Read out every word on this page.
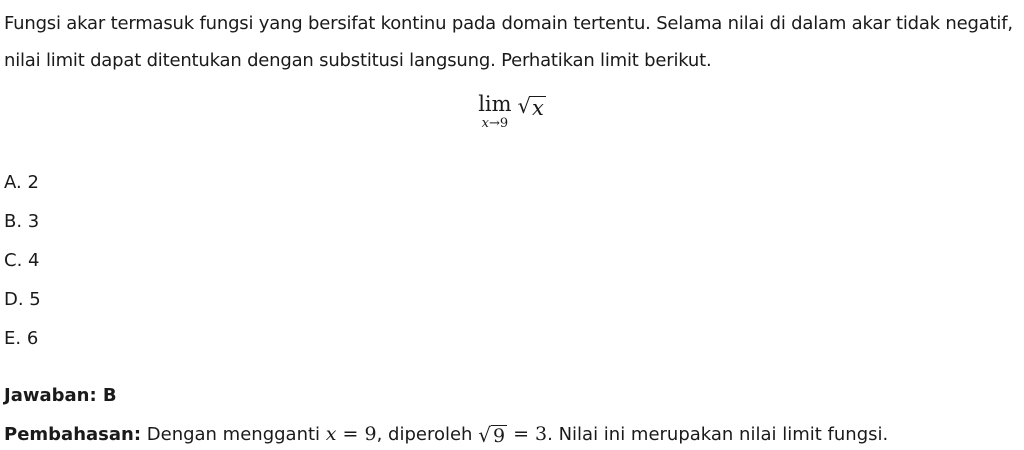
Fungsi akar termasuk fungsi yang bersifat kontinu pada domain tertentu. Selama nilai di dalam akar tidak negatif, nilai limit dapat ditentukan dengan substitusi langsung. Perhatikan limit berikut.

lim
x→9
√ x
A. 2
B. 3
C. 4
D. 5
E. 6
Jawaban: B
Pembahasan: Dengan mengganti x = 9, diperoleh √ 9 = 3. Nilai ini merupakan nilai limit fungsi.
